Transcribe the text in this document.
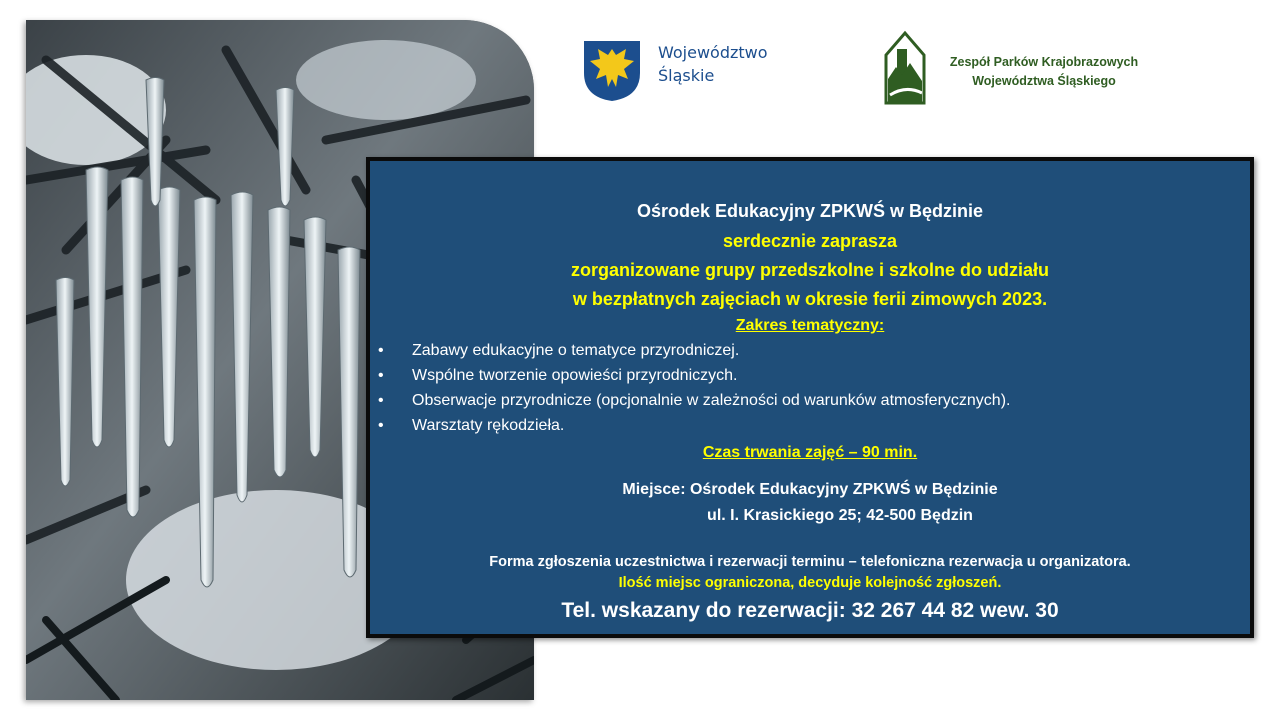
Województwo
Śląskie
Zespół Parków Krajobrazowych
Województwa Śląskiego
Ośrodek Edukacyjny ZPKWŚ w Będzinie
serdecznie zaprasza
zorganizowane grupy przedszkolne i szkolne do udziału
w bezpłatnych zajęciach w okresie ferii zimowych 2023.
Zakres tematyczny:
• Zabawy edukacyjne o tematyce przyrodniczej.
• Wspólne tworzenie opowieści przyrodniczych.
• Obserwacje przyrodnicze (opcjonalnie w zależności od warunków atmosferycznych).
• Warsztaty rękodzieła.
Czas trwania zajęć – 90 min.
Miejsce: Ośrodek Edukacyjny ZPKWŚ w Będzinie
ul. I. Krasickiego 25; 42-500 Będzin
Forma zgłoszenia uczestnictwa i rezerwacji terminu – telefoniczna rezerwacja u organizatora.
Ilość miejsc ograniczona, decyduje kolejność zgłoszeń.
Tel. wskazany do rezerwacji: 32 267 44 82 wew. 30
